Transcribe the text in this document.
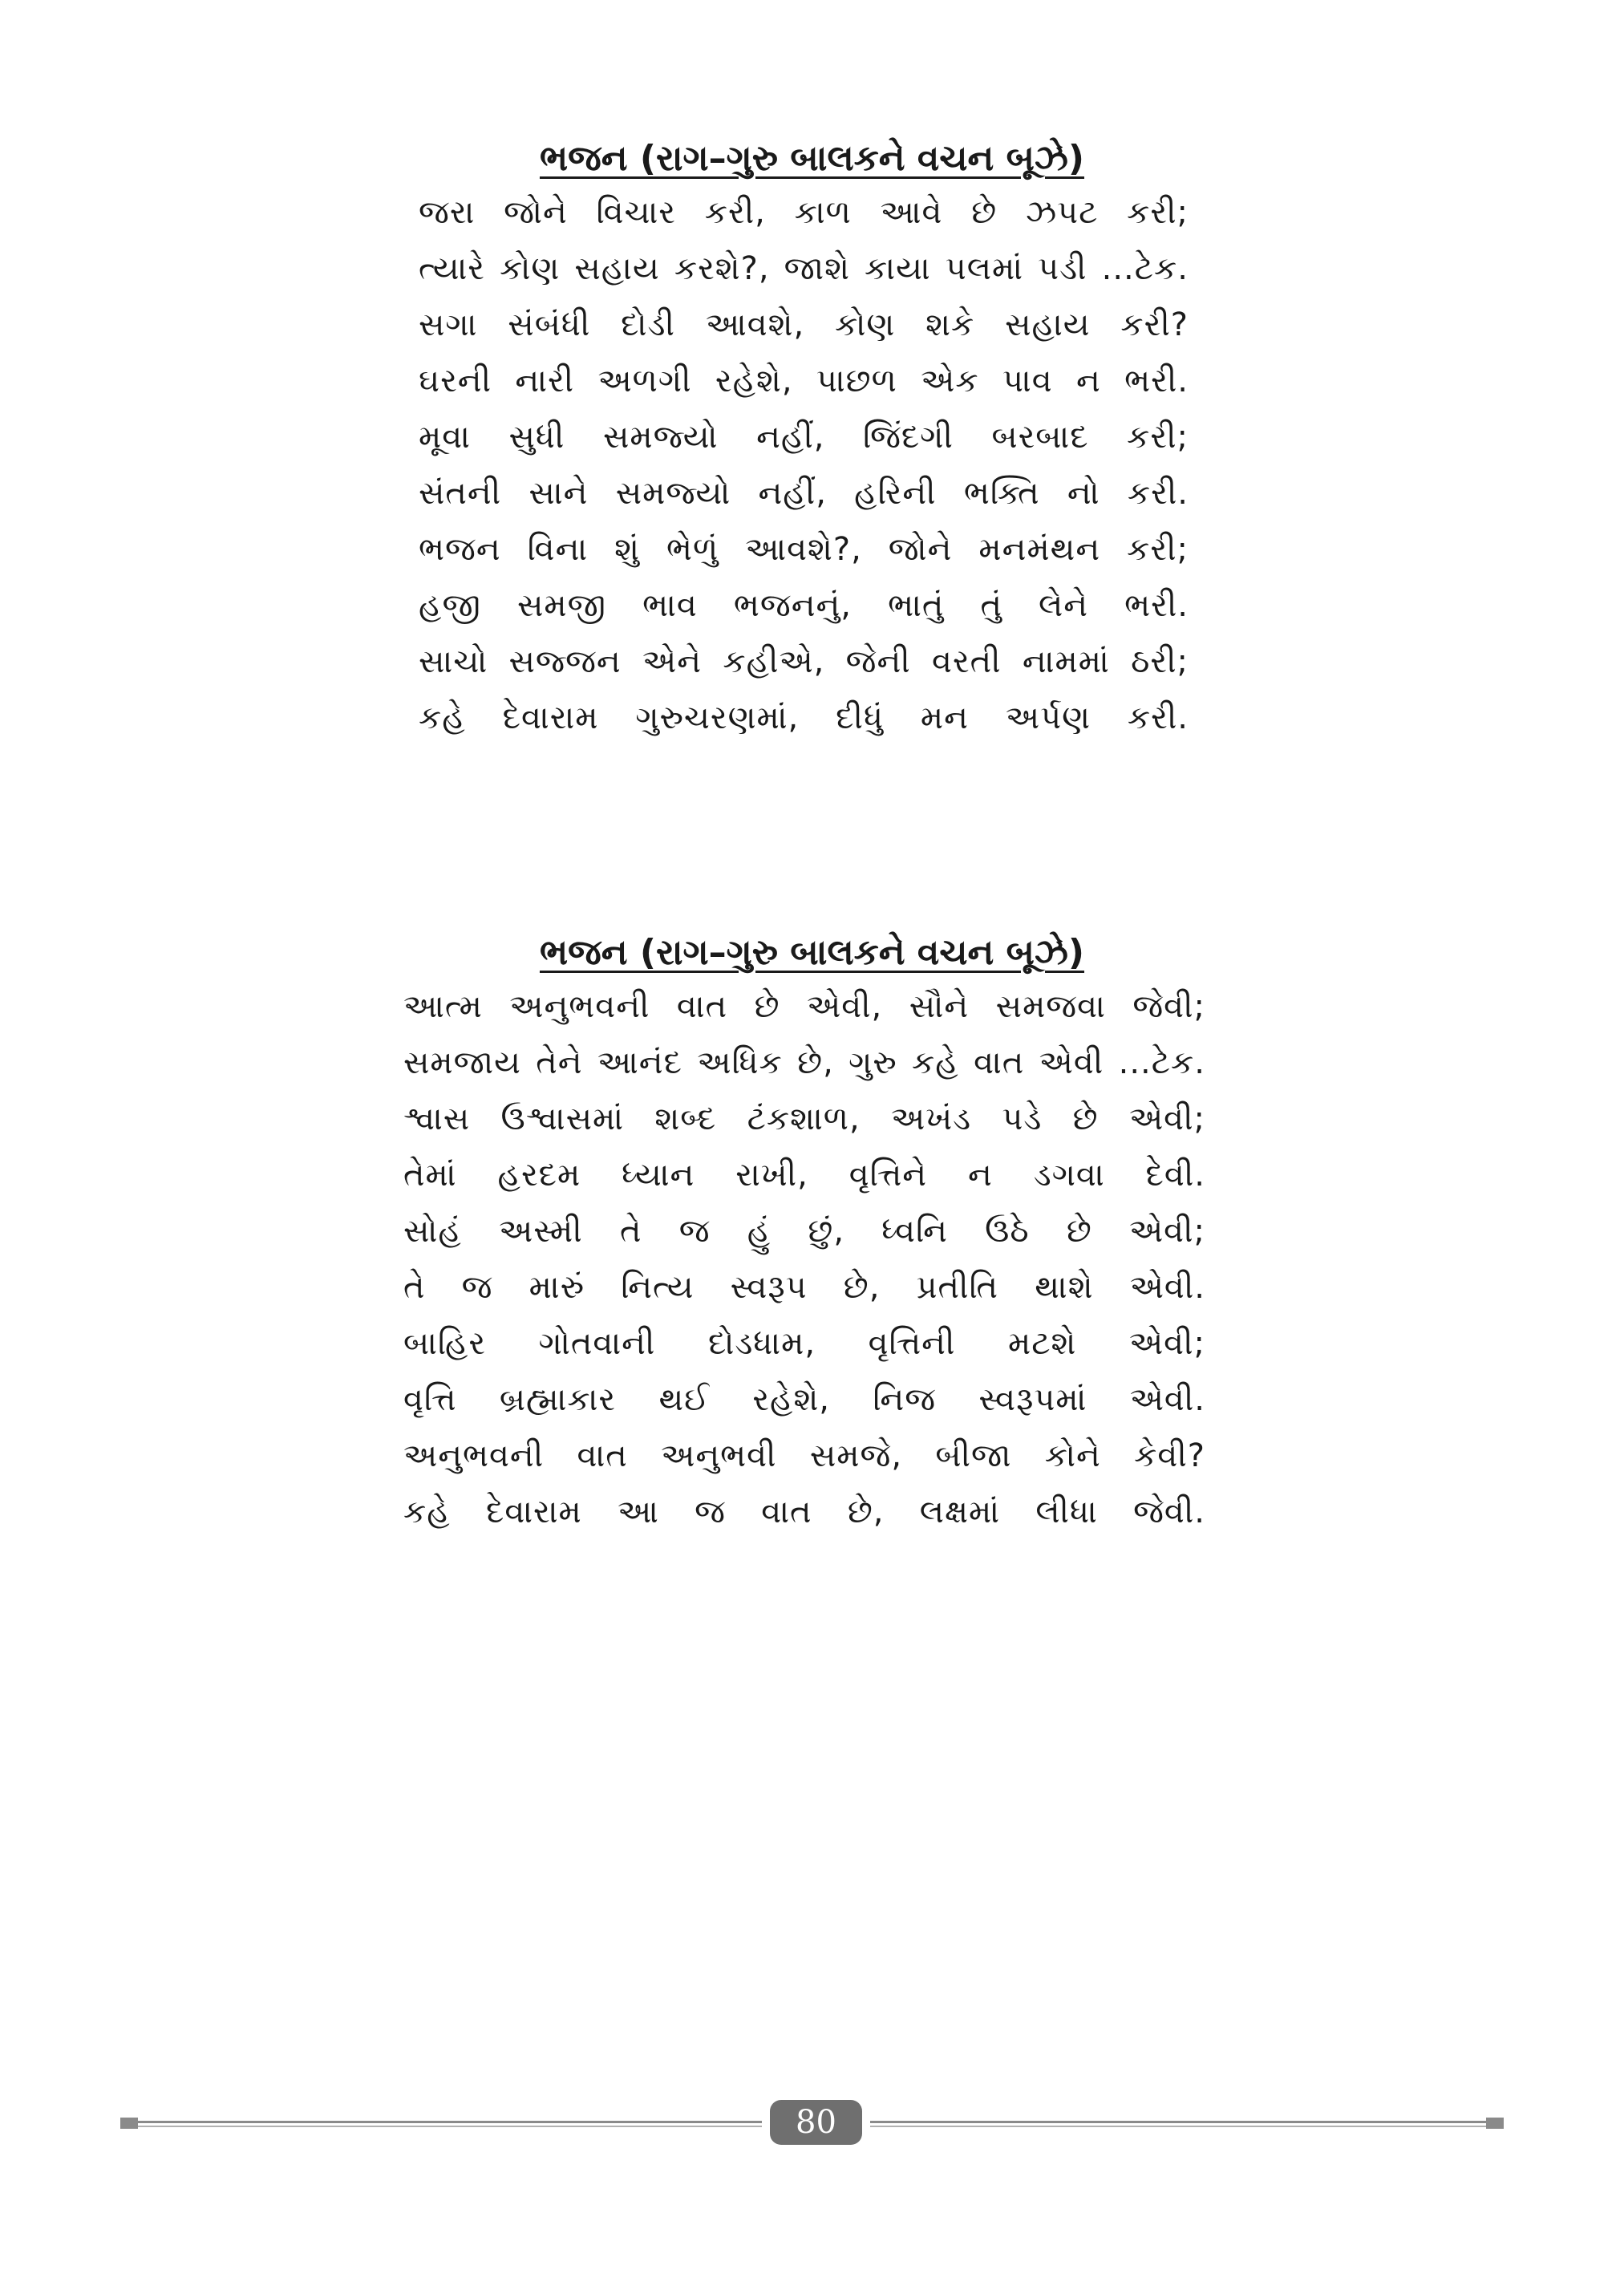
ભજન (રાગ–ગુરુ બાલકને વચન બૂઝે)
જરા જોને વિચાર કરી, કાળ આવે છે ઝપટ કરી;
ત્યારે કોણ સહાય કરશે?, જાશે કાયા પલમાં પડી ...ટેક.
સગા સંબંધી દોડી આવશે, કોણ શકે સહાય કરી?
ઘરની નારી અળગી રહેશે, પાછળ એક પાવ ન ભરી.
મૂવા સુધી સમજ્યો નહીં, જિંદગી બરબાદ કરી;
સંતની સાને સમજ્યો નહીં, હરિની ભક્તિ નો કરી.
ભજન વિના શું ભેળું આવશે?, જોને મનમંથન કરી;
હજી સમજી ભાવ ભજનનું, ભાતું તું લેને ભરી.
સાચો સજ્જન એને કહીએ, જેની વરતી નામમાં ઠરી;
કહે દેવારામ ગુરુચરણમાં, દીધું મન અર્પણ કરી.
ભજન (રાગ–ગુરુ બાલકને વચન બૂઝે)
આત્મ અનુભવની વાત છે એવી, સૌને સમજવા જેવી;
સમજાય તેને આનંદ અધિક છે, ગુરુ કહે વાત એવી ...ટેક.
શ્વાસ ઉશ્વાસમાં શબ્દ ટંકશાળ, અખંડ પડે છે એવી;
તેમાં હરદમ ધ્યાન રાખી, વૃત્તિને ન ડગવા દેવી.
સોહં અસ્મી તે જ હું છું, ધ્વનિ ઉઠે છે એવી;
તે જ મારું નિત્ય સ્વરૂપ છે, પ્રતીતિ થાશે એવી.
બાહિર ગોતવાની દોડધામ, વૃત્તિની મટશે એવી;
વૃત્તિ બ્રહ્માકાર થઈ રહેશે, નિજ સ્વરૂપમાં એવી.
અનુભવની વાત અનુભવી સમજે, બીજા કોને કેવી?
કહે દેવારામ આ જ વાત છે, લક્ષમાં લીધા જેવી.
80
